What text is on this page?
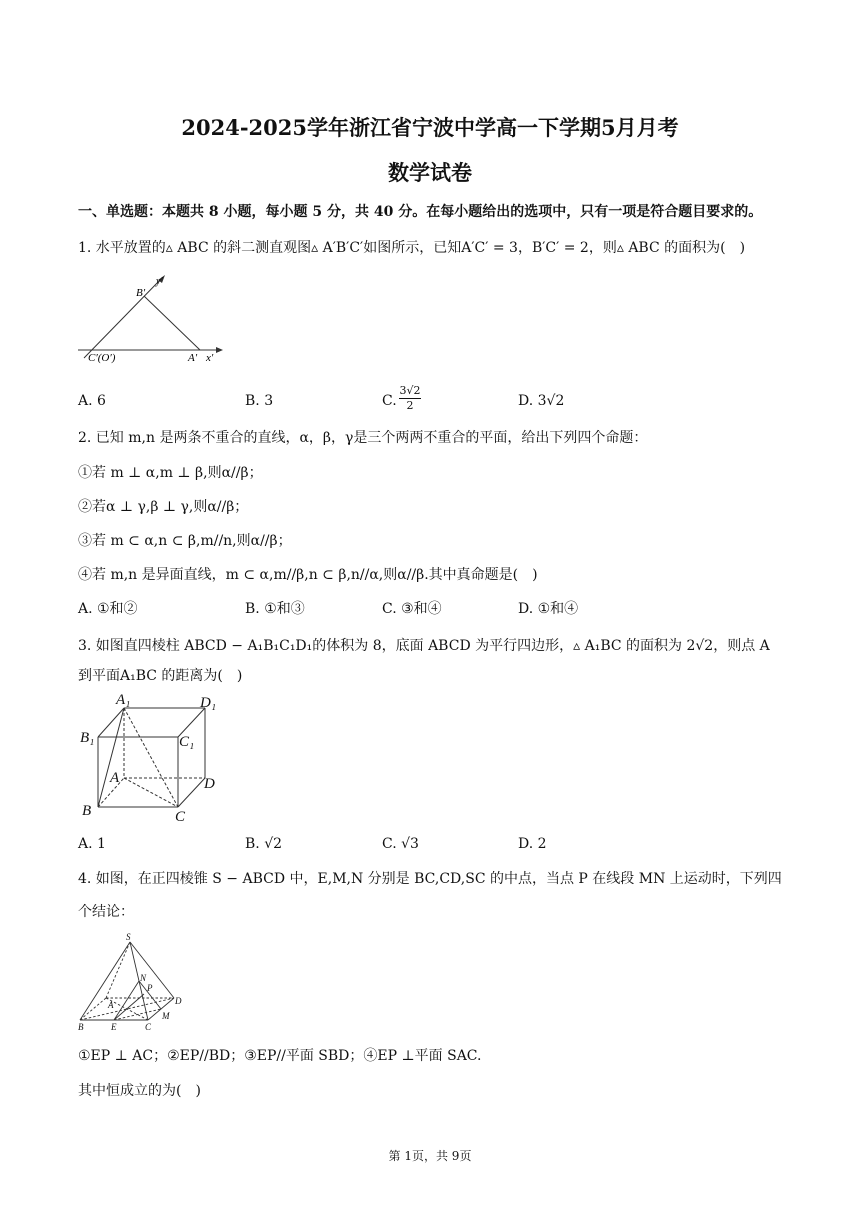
2024-2025学年浙江省宁波中学高一下学期5月月考
数学试卷
一、单选题：本题共 8 小题，每小题 5 分，共 40 分。在每小题给出的选项中，只有一项是符合题目要求的。
1. 水平放置的▵ ABC 的斜二测直观图▵ A′B′C′如图所示，已知A′C′ = 3，B′C′ = 2，则▵ ABC 的面积为(　)
y′
B′
C′(O′)	A′ x′
A. 6	B. 3	C.
3√2
2	D. 3√2
2. 已知 m,n 是两条不重合的直线，α，β，γ是三个两两不重合的平面，给出下列四个命题：
①若 m ⊥ α,m ⊥ β,则α//β；
②若α ⊥ γ,β ⊥ γ,则α//β；
③若 m ⊂ α,n ⊂ β,m//n,则α//β；
④若 m,n 是异面直线，m ⊂ α,m//β,n ⊂ β,n//α,则α//β.其中真命题是(　)
A. ①和②	B. ①和③	C. ③和④	D. ①和④
3. 如图直四棱柱 ABCD − A₁B₁C₁D₁的体积为 8，底面 ABCD 为平行四边形，▵ A₁BC 的面积为 2√2，则点 A
到平面A₁BC 的距离为(　)
A₁	D₁
B₁	C₁
A	D
B	C
A. 1	B. √2	C. √3	D. 2
4. 如图，在正四棱锥 S − ABCD 中，E,M,N 分别是 BC,CD,SC 的中点，当点 P 在线段 MN 上运动时，下列四
个结论：
S
N
P
A	D
M
B	E	C
①EP ⊥ AC；②EP//BD；③EP//平面 SBD；④EP ⊥平面 SAC.
其中恒成立的为(　)
第 1页，共 9页
